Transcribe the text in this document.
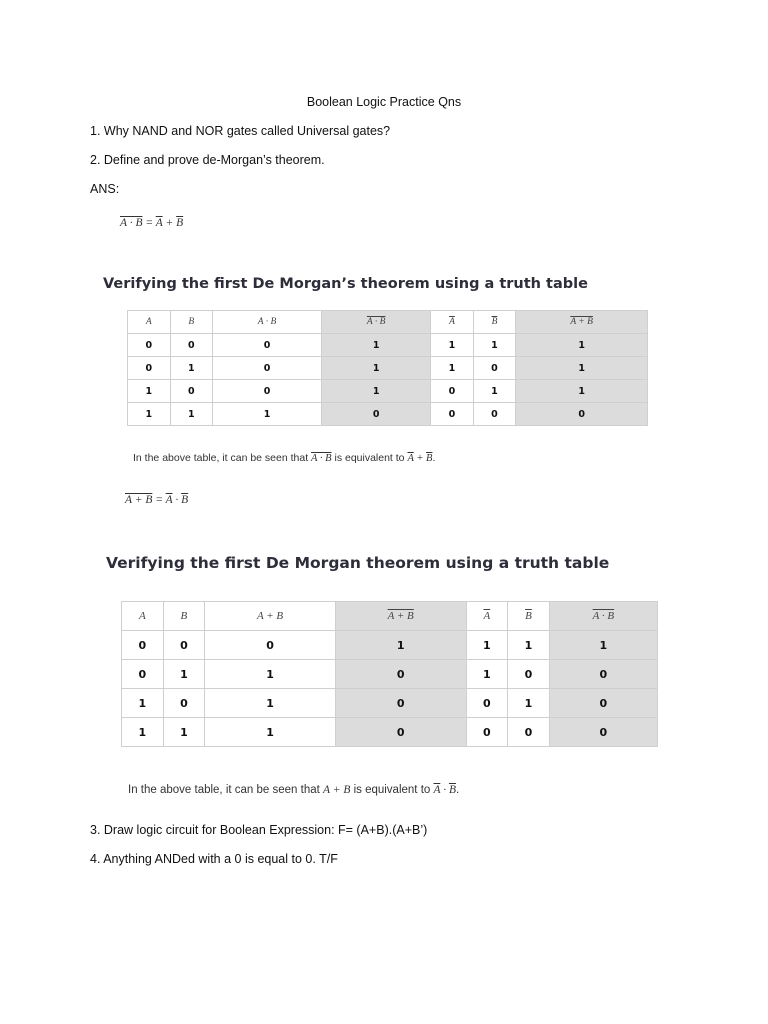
Boolean Logic Practice Qns
1. Why NAND and NOR gates called Universal gates?
2. Define and prove de-Morgan’s theorem.
ANS:
$A \cdot B = \overline{A} + \overline{B}$
Verifying the first De Morgan’s theorem using a truth table
A	B	A · B	A · B	$\overline{A}$	$\overline{B}$	A + B
0	0	0	1	1	1	1
0	1	0	1	1	0	1
1	0	0	1	0	1	1
1	1	1	0	0	0	0
In the above table, it can be seen that A · B is equivalent to $\overline{A} + \overline{B}$.
$A + B = \overline{A} \cdot \overline{B}$
Verifying the first De Morgan theorem using a truth table
A	B	A + B	A + B	$\overline{A}$	$\overline{B}$	A · B
0	0	0	1	1	1	1
0	1	1	0	1	0	0
1	0	1	0	0	1	0
1	1	1	0	0	0	0
In the above table, it can be seen that A + B is equivalent to $\overline{A} \cdot \overline{B}$.
3. Draw logic circuit for Boolean Expression: F= (A+B).(A+B’)
4. Anything ANDed with a 0 is equal to 0. T/F
